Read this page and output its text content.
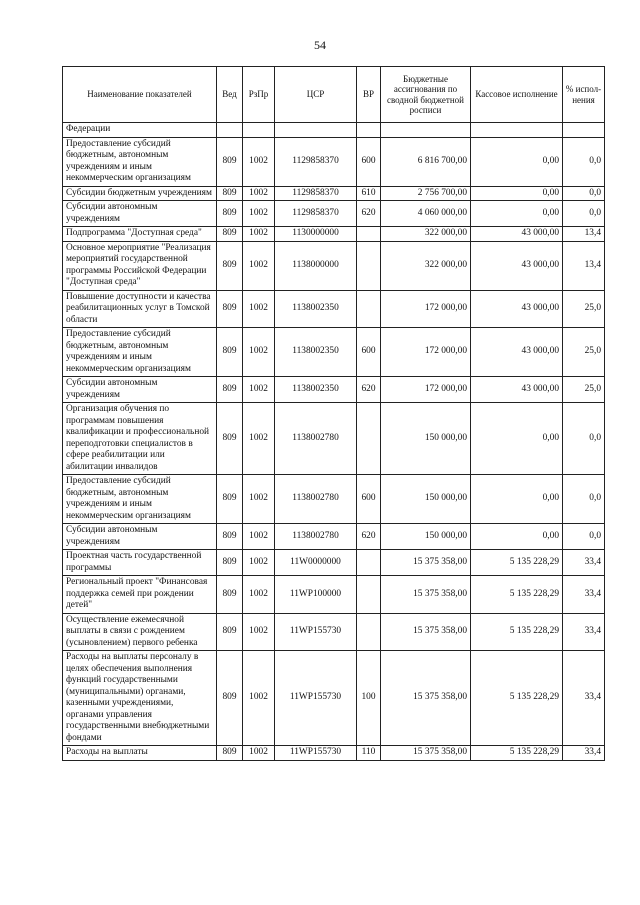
54
Наименование показателей	Вед	РзПр	ЦСР	ВР	Бюджетные ассигнования по сводной бюджетной росписи	Кассовое исполнение	% испол-нения
Федерации							
Предоставление субсидий бюджетным, автономным учреждениям и иным некоммерческим организациям	809	1002	1129858370	600	6 816 700,00	0,00	0,0
Субсидии бюджетным учреждениям	809	1002	1129858370	610	2 756 700,00	0,00	0,0
Субсидии автономным учреждениям	809	1002	1129858370	620	4 060 000,00	0,00	0,0
Подпрограмма "Доступная среда"	809	1002	1130000000		322 000,00	43 000,00	13,4
Основное мероприятие "Реализация мероприятий государственной программы Российской Федерации "Доступная среда"	809	1002	1138000000		322 000,00	43 000,00	13,4
Повышение доступности и качества реабилитационных услуг в Томской области	809	1002	1138002350		172 000,00	43 000,00	25,0
Предоставление субсидий бюджетным, автономным учреждениям и иным некоммерческим организациям	809	1002	1138002350	600	172 000,00	43 000,00	25,0
Субсидии автономным учреждениям	809	1002	1138002350	620	172 000,00	43 000,00	25,0
Организация обучения по программам повышения квалификации и профессиональной переподготовки специалистов в сфере реабилитации или абилитации инвалидов	809	1002	1138002780		150 000,00	0,00	0,0
Предоставление субсидий бюджетным, автономным учреждениям и иным некоммерческим организациям	809	1002	1138002780	600	150 000,00	0,00	0,0
Субсидии автономным учреждениям	809	1002	1138002780	620	150 000,00	0,00	0,0
Проектная часть государственной программы	809	1002	11W0000000		15 375 358,00	5 135 228,29	33,4
Региональный проект "Финансовая поддержка семей при рождении детей"	809	1002	11WP100000		15 375 358,00	5 135 228,29	33,4
Осуществление ежемесячной выплаты в связи с рождением (усыновлением) первого ребенка	809	1002	11WP155730		15 375 358,00	5 135 228,29	33,4
Расходы на выплаты персоналу в целях обеспечения выполнения функций государственными (муниципальными) органами, казенными учреждениями, органами управления государственными внебюджетными фондами	809	1002	11WP155730	100	15 375 358,00	5 135 228,29	33,4
Расходы на выплаты	809	1002	11WP155730	110	15 375 358,00	5 135 228,29	33,4
